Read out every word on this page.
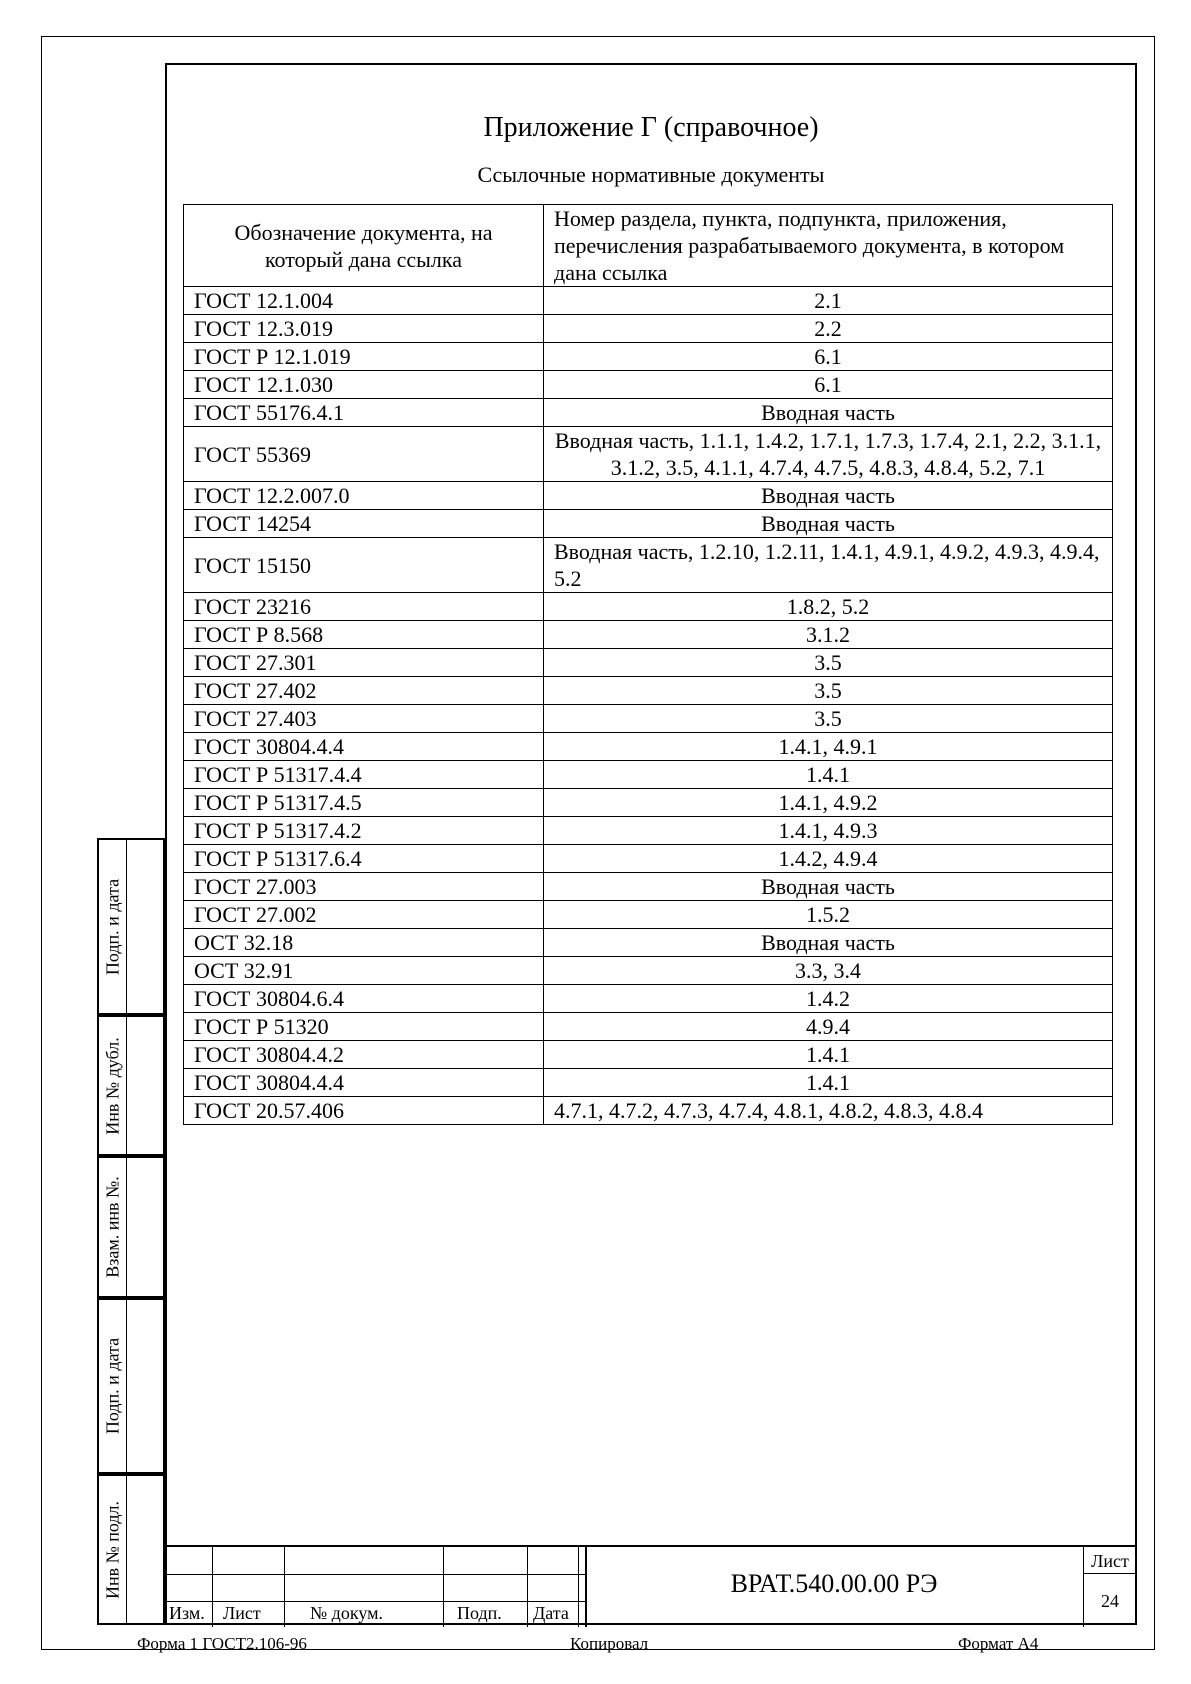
Приложение Г (справочное)
Ссылочные нормативные документы
Обозначение документа, на который дана ссылка	Номер раздела, пункта, подпункта, приложения, перечисления разрабатываемого документа, в котором дана ссылка
ГОСТ 12.1.004	2.1
ГОСТ 12.3.019	2.2
ГОСТ Р 12.1.019	6.1
ГОСТ 12.1.030	6.1
ГОСТ 55176.4.1	Вводная часть
ГОСТ 55369	Вводная часть, 1.1.1, 1.4.2, 1.7.1, 1.7.3, 1.7.4, 2.1, 2.2, 3.1.1, 3.1.2, 3.5, 4.1.1, 4.7.4, 4.7.5, 4.8.3, 4.8.4, 5.2, 7.1
ГОСТ 12.2.007.0	Вводная часть
ГОСТ 14254	Вводная часть
ГОСТ 15150	Вводная часть, 1.2.10, 1.2.11, 1.4.1, 4.9.1, 4.9.2, 4.9.3, 4.9.4, 5.2
ГОСТ 23216	1.8.2, 5.2
ГОСТ Р 8.568	3.1.2
ГОСТ 27.301	3.5
ГОСТ 27.402	3.5
ГОСТ 27.403	3.5
ГОСТ 30804.4.4	1.4.1, 4.9.1
ГОСТ Р 51317.4.4	1.4.1
ГОСТ Р 51317.4.5	1.4.1, 4.9.2
ГОСТ Р 51317.4.2	1.4.1, 4.9.3
ГОСТ Р 51317.6.4	1.4.2, 4.9.4
ГОСТ 27.003	Вводная часть
ГОСТ 27.002	1.5.2
ОСТ 32.18	Вводная часть
ОСТ 32.91	3.3, 3.4
ГОСТ 30804.6.4	1.4.2
ГОСТ Р 51320	4.9.4
ГОСТ 30804.4.2	1.4.1
ГОСТ 30804.4.4	1.4.1
ГОСТ 20.57.406	4.7.1, 4.7.2, 4.7.3, 4.7.4, 4.8.1, 4.8.2, 4.8.3, 4.8.4
Подп. и дата
Инв № дубл.
Взам. инв №.
Подп. и дата
Инв № подл.
Изм. Лист	№ докум.	Подп. Дата
ВРАТ.540.00.00 РЭ
Лист
24
Форма 1 ГОСТ2.106-96	Копировал	Формат А4
